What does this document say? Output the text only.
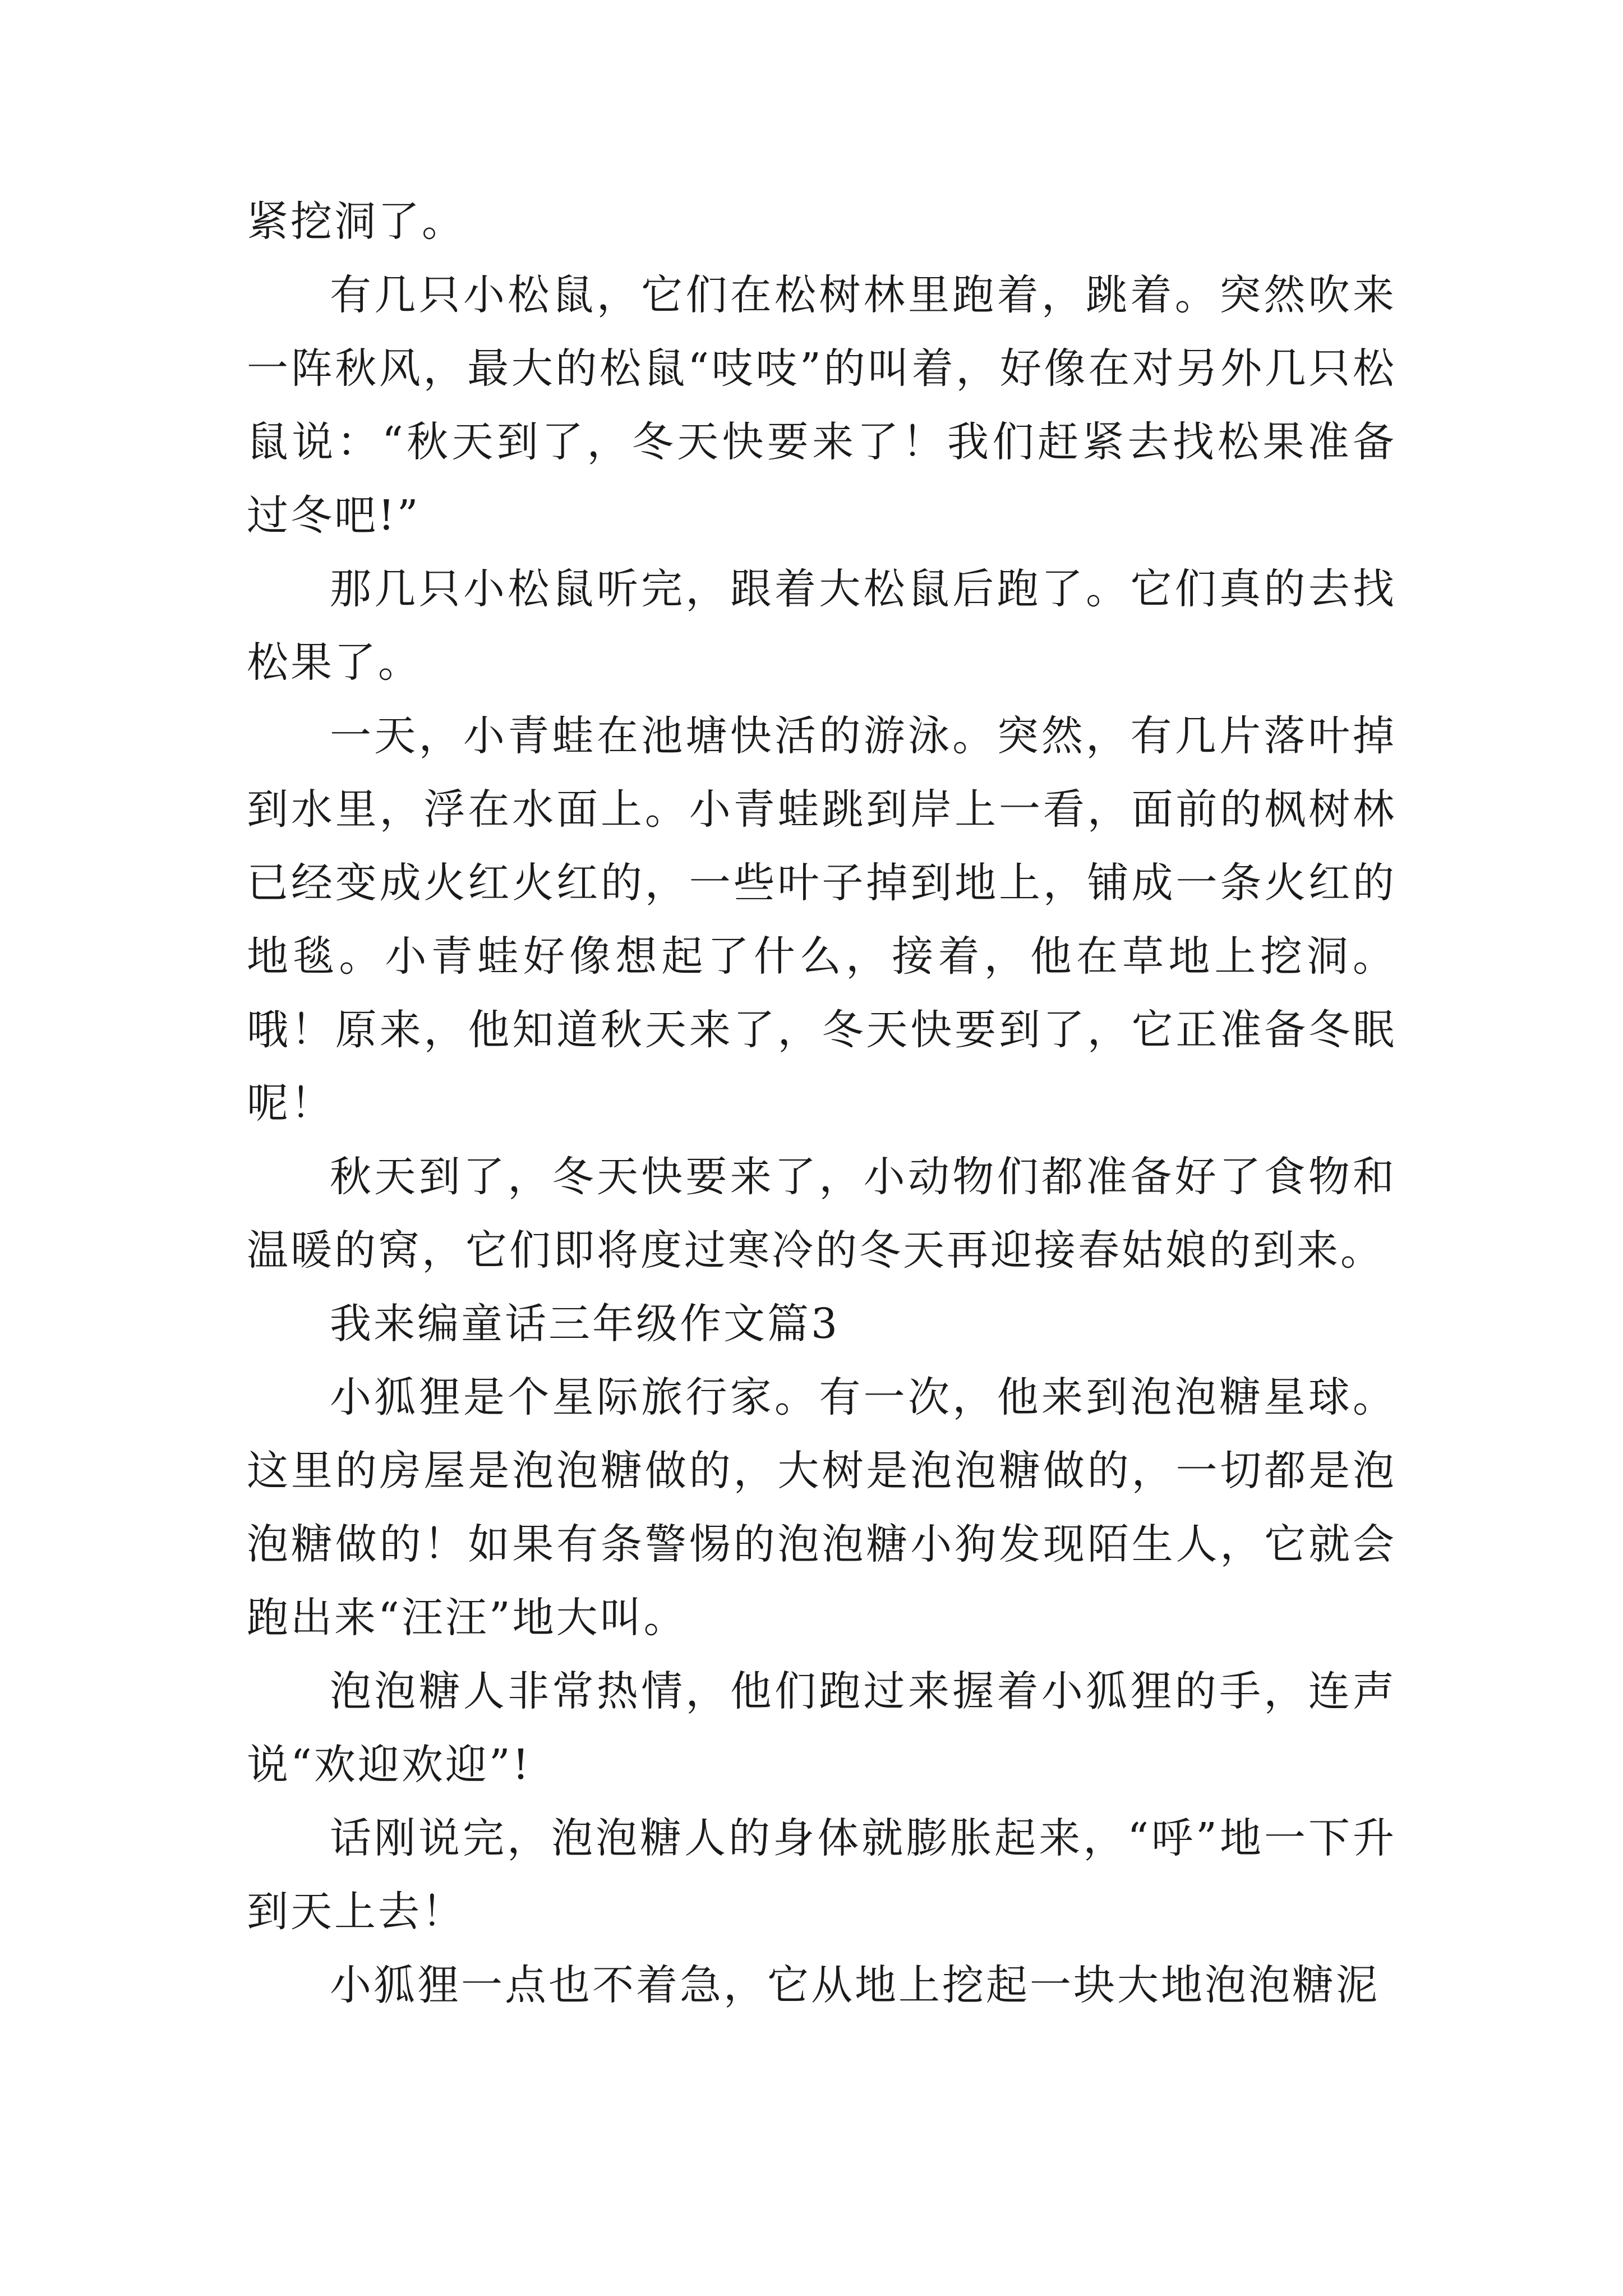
紧挖洞了。

有几只小松鼠，它们在松树林里跑着，跳着。突然吹来一阵秋风，最大的松鼠“吱吱”的叫着，好像在对另外几只松鼠说：“秋天到了，冬天快要来了！我们赶紧去找松果准备过冬吧!”

那几只小松鼠听完，跟着大松鼠后跑了。它们真的去找松果了。

一天，小青蛙在池塘快活的游泳。突然，有几片落叶掉到水里，浮在水面上。小青蛙跳到岸上一看，面前的枫树林已经变成火红火红的，一些叶子掉到地上，铺成一条火红的地毯。小青蛙好像想起了什么，接着，他在草地上挖洞。哦！原来，他知道秋天来了，冬天快要到了，它正准备冬眠呢！

秋天到了，冬天快要来了，小动物们都准备好了食物和温暖的窝，它们即将度过寒冷的冬天再迎接春姑娘的到来。

我来编童话三年级作文篇3

小狐狸是个星际旅行家。有一次，他来到泡泡糖星球。这里的房屋是泡泡糖做的，大树是泡泡糖做的，一切都是泡泡糖做的！如果有条警惕的泡泡糖小狗发现陌生人，它就会跑出来“汪汪”地大叫。

泡泡糖人非常热情，他们跑过来握着小狐狸的手，连声说“欢迎欢迎”!

话刚说完，泡泡糖人的身体就膨胀起来，“呼”地一下升到天上去！

小狐狸一点也不着急，它从地上挖起一块大地泡泡糖泥
